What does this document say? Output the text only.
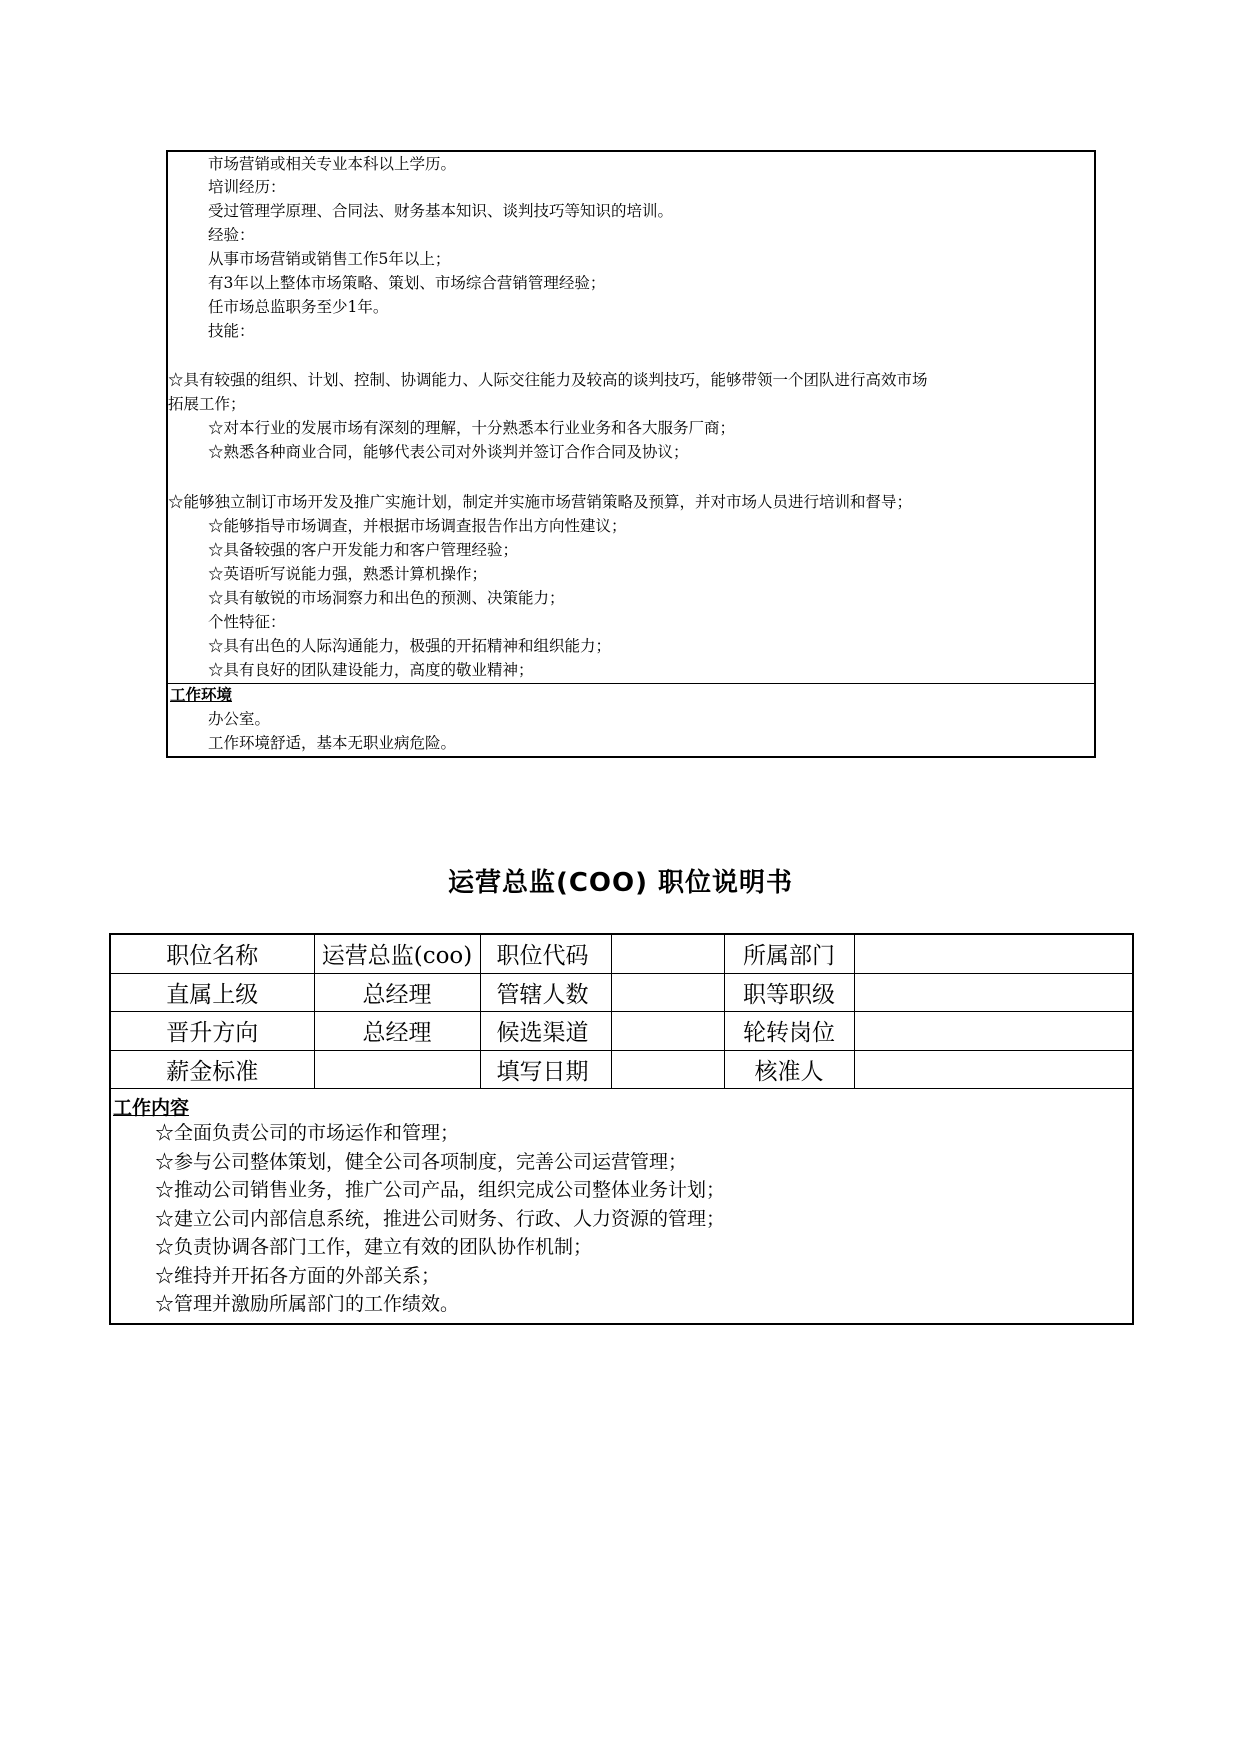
市场营销或相关专业本科以上学历。
培训经历：
受过管理学原理、合同法、财务基本知识、谈判技巧等知识的培训。
经验：
从事市场营销或销售工作5年以上；
有3年以上整体市场策略、策划、市场综合营销管理经验；
任市场总监职务至少1年。
技能：
☆具有较强的组织、计划、控制、协调能力、人际交往能力及较高的谈判技巧，能够带领一个团队进行高效市场
拓展工作；
☆对本行业的发展市场有深刻的理解，十分熟悉本行业业务和各大服务厂商；
☆熟悉各种商业合同，能够代表公司对外谈判并签订合作合同及协议；
☆能够独立制订市场开发及推广实施计划，制定并实施市场营销策略及预算，并对市场人员进行培训和督导；
☆能够指导市场调查，并根据市场调查报告作出方向性建议；
☆具备较强的客户开发能力和客户管理经验；
☆英语听写说能力强，熟悉计算机操作；
☆具有敏锐的市场洞察力和出色的预测、决策能力；
个性特征：
☆具有出色的人际沟通能力，极强的开拓精神和组织能力；
☆具有良好的团队建设能力，高度的敬业精神；
工作环境
办公室。
工作环境舒适，基本无职业病危险。
运营总监(COO) 职位说明书
职位名称	运营总监(coo)	职位代码		所属部门	
直属上级	总经理	管辖人数		职等职级	
晋升方向	总经理	候选渠道		轮转岗位	
薪金标准		填写日期		核准人	
工作内容
☆全面负责公司的市场运作和管理；
☆参与公司整体策划，健全公司各项制度，完善公司运营管理；
☆推动公司销售业务，推广公司产品，组织完成公司整体业务计划；
☆建立公司内部信息系统，推进公司财务、行政、人力资源的管理；
☆负责协调各部门工作，建立有效的团队协作机制；
☆维持并开拓各方面的外部关系；
☆管理并激励所属部门的工作绩效。
